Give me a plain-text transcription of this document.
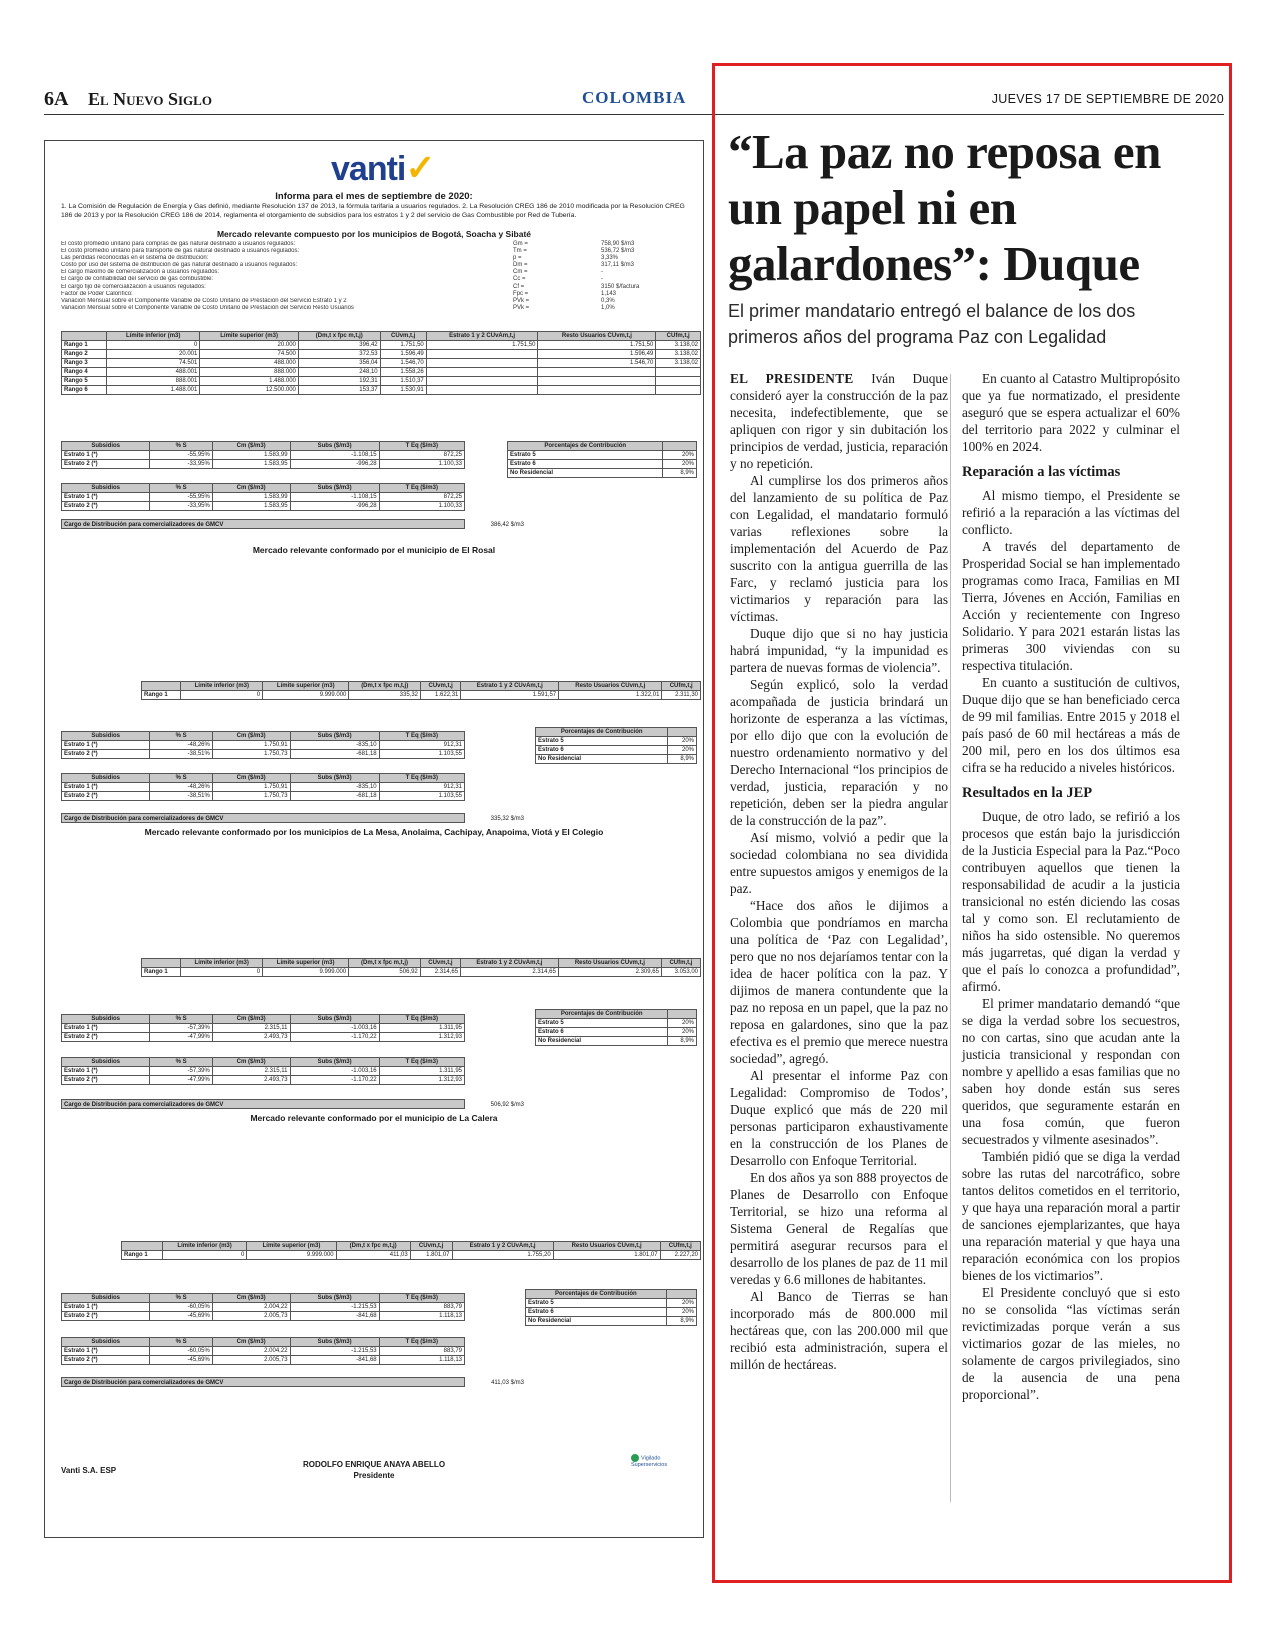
6A El Nuevo Siglo	COLOMBIA	JUEVES 17 DE SEPTIEMBRE DE 2020
vanti✓
Informa para el mes de septiembre de 2020:
1. La Comisión de Regulación de Energía y Gas definió, mediante Resolución 137 de 2013, la fórmula tarifaria a usuarios regulados. 2. La Resolución CREG 186 de 2010 modificada por la Resolución CREG 186 de 2013 y por la Resolución CREG 186 de 2014, reglamenta el otorgamiento de subsidios para los estratos 1 y 2 del servicio de Gas Combustible por Red de Tubería.
Mercado relevante compuesto por los municipios de Bogotá, Soacha y Sibaté
El costo promedio unitario para compras de gas natural destinado a usuarios regulados:	Gm =	758,90 $/m3
El costo promedio unitario para transporte de gas natural destinado a usuarios regulados:	Tm =	536,72 $/m3
Las pérdidas reconocidas en el sistema de distribución:	p =	3,33%
Costo por uso del sistema de distribución de gas natural destinado a usuarios regulados:	Dm =	317,11 $/m3
El cargo máximo de comercialización a usuarios regulados:	Cm =	-
El cargo de confiabilidad del servicio de gas combustible:	Cc =	-
El cargo fijo de comercialización a usuarios regulados:	Cf =	3150 $/factura
Factor de Poder Calorífico:	Fpc =	1,143
Variación Mensual sobre el Componente Variable de Costo Unitario de Prestación del Servicio Estrato 1 y 2	PVk =	0,3%
Variación Mensual sobre el Componente Variable de Costo Unitario de Prestación del Servicio Resto Usuarios	PVk =	1,0%
	Límite inferior (m3)	Límite superior (m3)	(Dm,t x fpc m,t,j)	CUvm,t,j	Estrato 1 y 2 CUvAm,t,j	Resto Usuarios CUvm,t,j	CUfm,t,j
Rango 1	0	20.000	396,42	1.751,50	1.751,50	1.751,50	3.138,02
Rango 2	20.001	74.500	372,53	1.596,49		1.596,49	3.138,02
Rango 3	74.501	488.000	356,04	1.546,70		1.546,70	3.138,02
Rango 4	488.001	888.000	248,10	1.558,26			
Rango 5	888.001	1.488.000	192,31	1.510,37			
Rango 6	1.488.001	12.500.000	153,37	1.530,91			
Subsidios	% S	Cm ($/m3)	Subs ($/m3)	T Eq ($/m3)
Estrato 1 (*)	-55,95%	1.583,99	-1.108,15	872,25
Estrato 2 (*)	-33,95%	1.583,95	-996,28	1.100,33
Porcentajes de Contribución	
Estrato 5	20%
Estrato 6	20%
No Residencial	8,9%
Subsidios	% S	Cm ($/m3)	Subs ($/m3)	T Eq ($/m3)
Estrato 1 (*)	-55,95%	1.583,99	-1.108,15	872,25
Estrato 2 (*)	-33,95%	1.583,95	-996,28	1.100,33
Cargo de Distribución para comercializadores de GMCV	386,42 $/m3
Mercado relevante conformado por el municipio de El Rosal
	Límite inferior (m3)	Límite superior (m3)	(Dm,t x fpc m,t,j)	CUvm,t,j	Estrato 1 y 2 CUvAm,t,j	Resto Usuarios CUvm,t,j	CUfm,t,j
Rango 1	0	9.999.000	335,32	1.622,31	1.591,57	1.322,01	2.311,30
Subsidios	% S	Cm ($/m3)	Subs ($/m3)	T Eq ($/m3)
Estrato 1 (*)	-48,26%	1.750,91	-835,10	912,31
Estrato 2 (*)	-38,51%	1.750,73	-681,18	1.103,55
Porcentajes de Contribución	
Estrato 5	20%
Estrato 6	20%
No Residencial	8,9%
Subsidios	% S	Cm ($/m3)	Subs ($/m3)	T Eq ($/m3)
Estrato 1 (*)	-48,26%	1.750,91	-835,10	912,31
Estrato 2 (*)	-38,51%	1.750,73	-681,18	1.103,55
Cargo de Distribución para comercializadores de GMCV	335,32 $/m3
Mercado relevante conformado por los municipios de La Mesa, Anolaima, Cachipay, Anapoima, Viotá y El Colegio
	Límite inferior (m3)	Límite superior (m3)	(Dm,t x fpc m,t,j)	CUvm,t,j	Estrato 1 y 2 CUvAm,t,j	Resto Usuarios CUvm,t,j	CUfm,t,j
Rango 1	0	9.999.000	506,92	2.314,65	2.314,65	2.309,65	3.053,00
Subsidios	% S	Cm ($/m3)	Subs ($/m3)	T Eq ($/m3)
Estrato 1 (*)	-57,39%	2.315,11	-1.003,16	1.311,95
Estrato 2 (*)	-47,99%	2.493,73	-1.170,22	1.312,93
Porcentajes de Contribución	
Estrato 5	20%
Estrato 6	20%
No Residencial	8,9%
Subsidios	% S	Cm ($/m3)	Subs ($/m3)	T Eq ($/m3)
Estrato 1 (*)	-57,39%	2.315,11	-1.003,16	1.311,95
Estrato 2 (*)	-47,99%	2.493,73	-1.170,22	1.312,93
Cargo de Distribución para comercializadores de GMCV	506,92 $/m3
Mercado relevante conformado por el municipio de La Calera
	Límite inferior (m3)	Límite superior (m3)	(Dm,t x fpc m,t,j)	CUvm,t,j	Estrato 1 y 2 CUvAm,t,j	Resto Usuarios CUvm,t,j	CUfm,t,j
Rango 1	0	9.999.000	411,03	1.801,07	1.755,20	1.801,07	2.227,20
Subsidios	% S	Cm ($/m3)	Subs ($/m3)	T Eq ($/m3)
Estrato 1 (*)	-60,05%	2.004,22	-1.215,53	883,79
Estrato 2 (*)	-45,69%	2.005,73	-841,68	1.118,13
Porcentajes de Contribución	
Estrato 5	20%
Estrato 6	20%
No Residencial	8,9%
Subsidios	% S	Cm ($/m3)	Subs ($/m3)	T Eq ($/m3)
Estrato 1 (*)	-60,05%	2.004,22	-1.215,53	883,79
Estrato 2 (*)	-45,69%	2.005,73	-841,68	1.118,13
Cargo de Distribución para comercializadores de GMCV	411,03 $/m3
Vanti S.A. ESP
RODOLFO ENRIQUE ANAYA ABELLO
Presidente
Vigilado Superservicios
“La paz no reposa en un papel ni en galardones”: Duque

El primer mandatario entregó el balance de los dos primeros años del programa Paz con Legalidad

EL PRESIDENTE Iván Duque consideró ayer la construcción de la paz necesita, indefectiblemente, que se apliquen con rigor y sin dubitación los principios de verdad, justicia, reparación y no repetición.

Al cumplirse los dos primeros años del lanzamiento de su política de Paz con Legalidad, el mandatario formuló varias reflexiones sobre la implementación del Acuerdo de Paz suscrito con la antigua guerrilla de las Farc, y reclamó justicia para los victimarios y reparación para las víctimas.

Duque dijo que si no hay justicia habrá impunidad, “y la impunidad es partera de nuevas formas de violencia”.

Según explicó, solo la verdad acompañada de justicia brindará un horizonte de esperanza a las víctimas, por ello dijo que con la evolución de nuestro ordenamiento normativo y del Derecho Internacional “los principios de verdad, justicia, reparación y no repetición, deben ser la piedra angular de la construcción de la paz”.

Así mismo, volvió a pedir que la sociedad colombiana no sea dividida entre supuestos amigos y enemigos de la paz.

“Hace dos años le dijimos a Colombia que pondríamos en marcha una política de ‘Paz con Legalidad’, pero que no nos dejaríamos tentar con la idea de hacer política con la paz. Y dijimos de manera contundente que la paz no reposa en un papel, que la paz no reposa en galardones, sino que la paz efectiva es el premio que merece nuestra sociedad”, agregó.

Al presentar el informe Paz con Legalidad: Compromiso de Todos’, Duque explicó que más de 220 mil personas participaron exhaustivamente en la construcción de los Planes de Desarrollo con Enfoque Territorial.

En dos años ya son 888 proyectos de Planes de Desarrollo con Enfoque Territorial, se hizo una reforma al Sistema General de Regalías que permitirá asegurar recursos para el desarrollo de los planes de paz de 11 mil veredas y 6.6 millones de habitantes.

Al Banco de Tierras se han incorporado más de 800.000 mil hectáreas que, con las 200.000 mil que recibió esta administración, supera el millón de hectáreas.

En cuanto al Catastro Multipropósito que ya fue normatizado, el presidente aseguró que se espera actualizar el 60% del territorio para 2022 y culminar el 100% en 2024.

Reparación a las víctimas

Al mismo tiempo, el Presidente se refirió a la reparación a las víctimas del conflicto.

A través del departamento de Prosperidad Social se han implementado programas como Iraca, Familias en MI Tierra, Jóvenes en Acción, Familias en Acción y recientemente con Ingreso Solidario. Y para 2021 estarán listas las primeras 300 viviendas con su respectiva titulación.

En cuanto a sustitución de cultivos, Duque dijo que se han beneficiado cerca de 99 mil familias. Entre 2015 y 2018 el país pasó de 60 mil hectáreas a más de 200 mil, pero en los dos últimos esa cifra se ha reducido a niveles históricos.

Resultados en la JEP

Duque, de otro lado, se refirió a los procesos que están bajo la jurisdicción de la Justicia Especial para la Paz.“Poco contribuyen aquellos que tienen la responsabilidad de acudir a la justicia transicional no estén diciendo las cosas tal y como son. El reclutamiento de niños ha sido ostensible. No queremos más jugarretas, qué digan la verdad y que el país lo conozca a profundidad”, afirmó.

El primer mandatario demandó “que se diga la verdad sobre los secuestros, no con cartas, sino que acudan ante la justicia transicional y respondan con nombre y apellido a esas familias que no saben hoy donde están sus seres queridos, que seguramente estarán en una fosa común, que fueron secuestrados y vilmente asesinados”.

También pidió que se diga la verdad sobre las rutas del narcotráfico, sobre tantos delitos cometidos en el territorio, y que haya una reparación moral a partir de sanciones ejemplarizantes, que haya una reparación material y que haya una reparación económica con los propios bienes de los victimarios”.

El Presidente concluyó que si esto no se consolida “las víctimas serán revictimizadas porque verán a sus victimarios gozar de las mieles, no solamente de cargos privilegiados, sino de la ausencia de una pena proporcional”.
